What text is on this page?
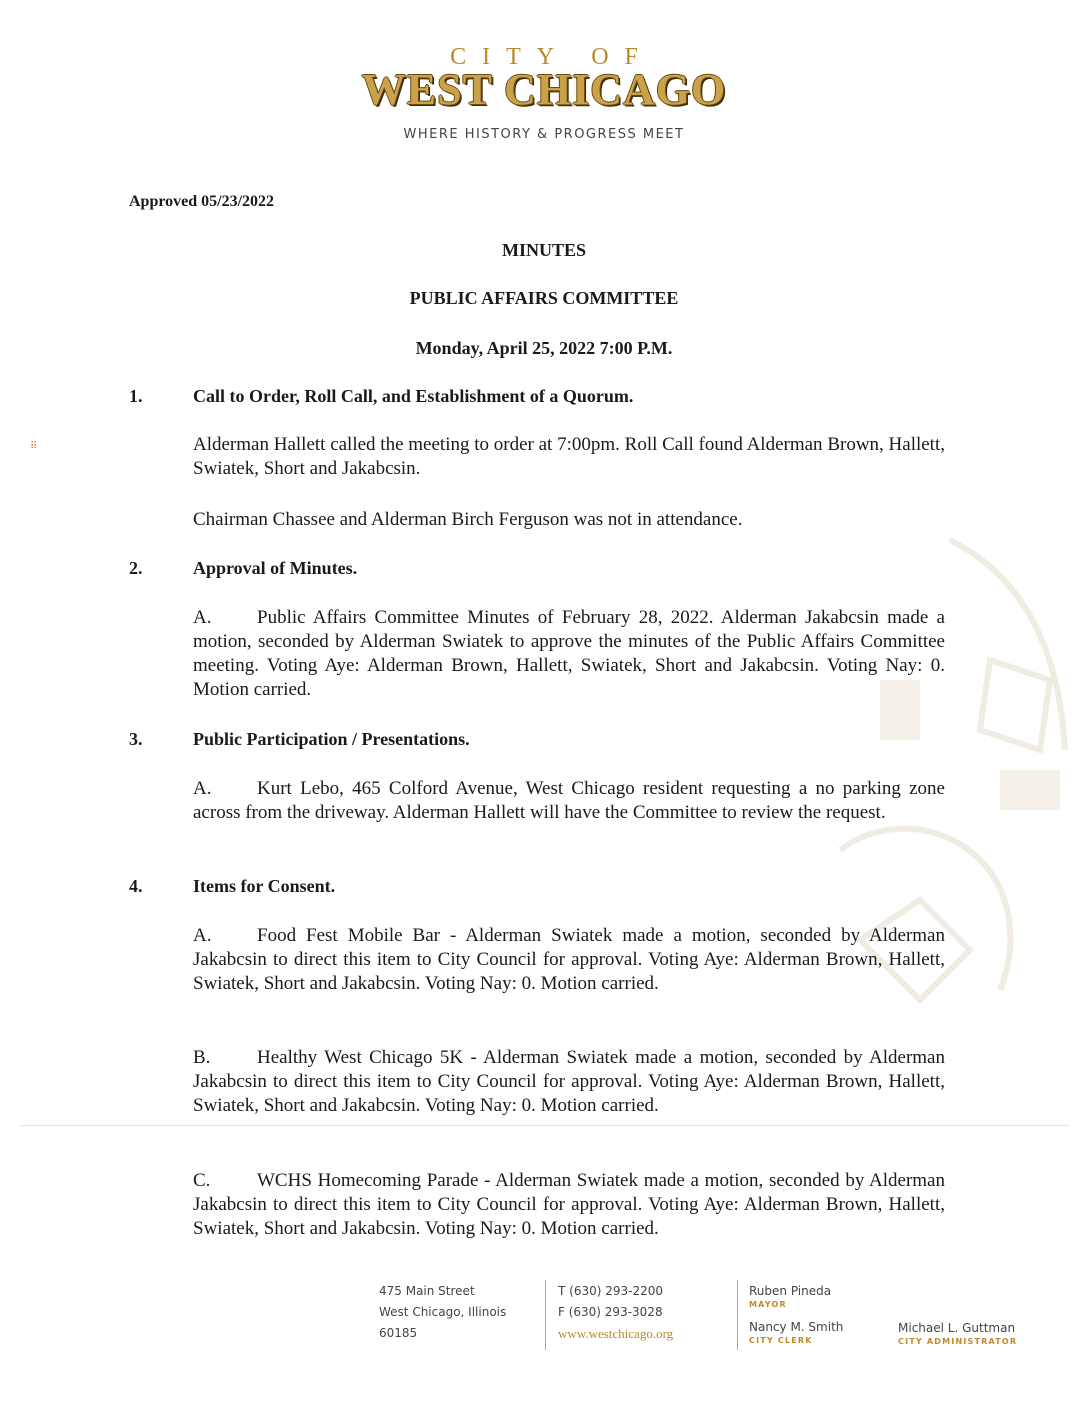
CITY OF
WEST CHICAGO
WHERE HISTORY & PROGRESS MEET
⠿
Approved 05/23/2022
MINUTES
PUBLIC AFFAIRS COMMITTEE
Monday, April 25, 2022 7:00 P.M.
1.	Call to Order, Roll Call, and Establishment of a Quorum.

Alderman Hallett called the meeting to order at 7:00pm. Roll Call found Alderman Brown, Hallett, Swiatek, Short and Jakabcsin.

Chairman Chassee and Alderman Birch Ferguson was not in attendance.

2.	Approval of Minutes.

A. Public Affairs Committee Minutes of February 28, 2022. Alderman Jakabcsin made a motion, seconded by Alderman Swiatek to approve the minutes of the Public Affairs Committee meeting. Voting Aye: Alderman Brown, Hallett, Swiatek, Short and Jakabcsin. Voting Nay: 0. Motion carried.

3.	Public Participation / Presentations.

A. Kurt Lebo, 465 Colford Avenue, West Chicago resident requesting a no parking zone across from the driveway. Alderman Hallett will have the Committee to review the request.

4.	Items for Consent.

A. Food Fest Mobile Bar - Alderman Swiatek made a motion, seconded by Alderman Jakabcsin to direct this item to City Council for approval. Voting Aye: Alderman Brown, Hallett, Swiatek, Short and Jakabcsin. Voting Nay: 0. Motion carried.

B. Healthy West Chicago 5K - Alderman Swiatek made a motion, seconded by Alderman Jakabcsin to direct this item to City Council for approval. Voting Aye: Alderman Brown, Hallett, Swiatek, Short and Jakabcsin. Voting Nay: 0. Motion carried.

C. WCHS Homecoming Parade - Alderman Swiatek made a motion, seconded by Alderman Jakabcsin to direct this item to City Council for approval. Voting Aye: Alderman Brown, Hallett, Swiatek, Short and Jakabcsin. Voting Nay: 0. Motion carried.

475 Main Street
West Chicago, Illinois
60185
T (630) 293-2200
F (630) 293-3028
www.westchicago.org
Ruben Pineda
MAYOR
Nancy M. Smith
CITY CLERK
Michael L. Guttman
CITY ADMINISTRATOR
